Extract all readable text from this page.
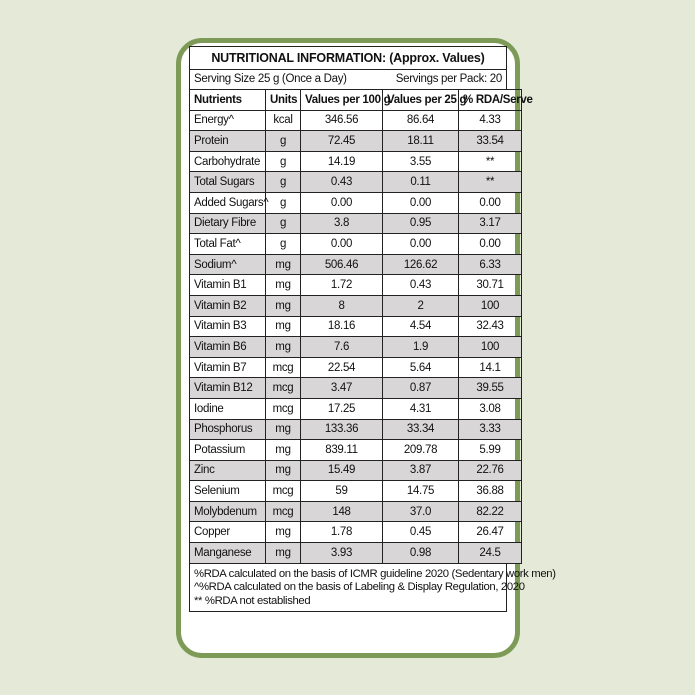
NUTRITIONAL INFORMATION: (Approx. Values)
Serving Size 25 g (Once a Day)	Servings per Pack: 20
Nutrients	Units	Values per 100 g	Values per 25 g	% RDA/Serve
Energy^	kcal	346.56	86.64	4.33
Protein	g	72.45	18.11	33.54
Carbohydrate	g	14.19	3.55	**
Total Sugars	g	0.43	0.11	**
Added Sugars^	g	0.00	0.00	0.00
Dietary Fibre	g	3.8	0.95	3.17
Total Fat^	g	0.00	0.00	0.00
Sodium^	mg	506.46	126.62	6.33
Vitamin B1	mg	1.72	0.43	30.71
Vitamin B2	mg	8	2	100
Vitamin B3	mg	18.16	4.54	32.43
Vitamin B6	mg	7.6	1.9	100
Vitamin B7	mcg	22.54	5.64	14.1
Vitamin B12	mcg	3.47	0.87	39.55
Iodine	mcg	17.25	4.31	3.08
Phosphorus	mg	133.36	33.34	3.33
Potassium	mg	839.11	209.78	5.99
Zinc	mg	15.49	3.87	22.76
Selenium	mcg	59	14.75	36.88
Molybdenum	mcg	148	37.0	82.22
Copper	mg	1.78	0.45	26.47
Manganese	mg	3.93	0.98	24.5
%RDA calculated on the basis of ICMR guideline 2020 (Sedentary work men)
^%RDA calculated on the basis of Labeling & Display Regulation, 2020
** %RDA not established
